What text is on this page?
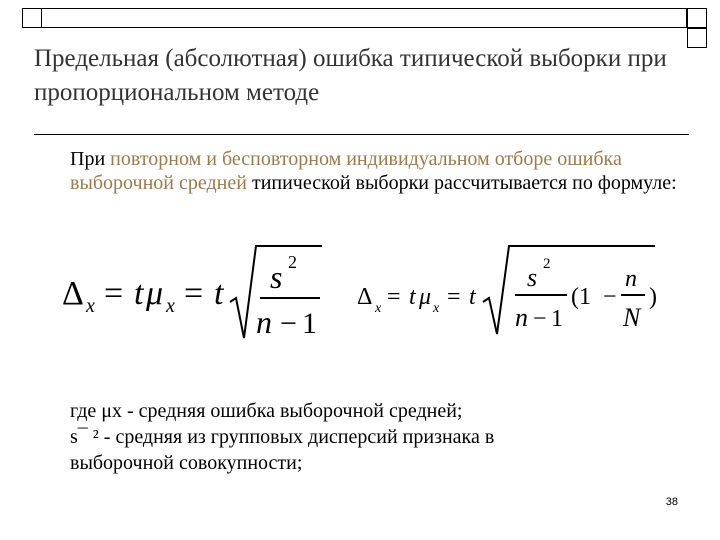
Предельная (абсолютная) ошибка типической выборки при пропорциональном методе
При повторном и бесповторном индивидуальном отборе ошибка выборочной средней типической выборки рассчитывается по формуле:
Δ x = t μ x = t s 2
n − 1
Δ x = t μ x = t
s 2
n − 1
(1 −
n
N
)
где μх - средняя ошибка выборочной средней;
s¯ ² - средняя из групповых дисперсий признака в
выборочной совокупности;
38
